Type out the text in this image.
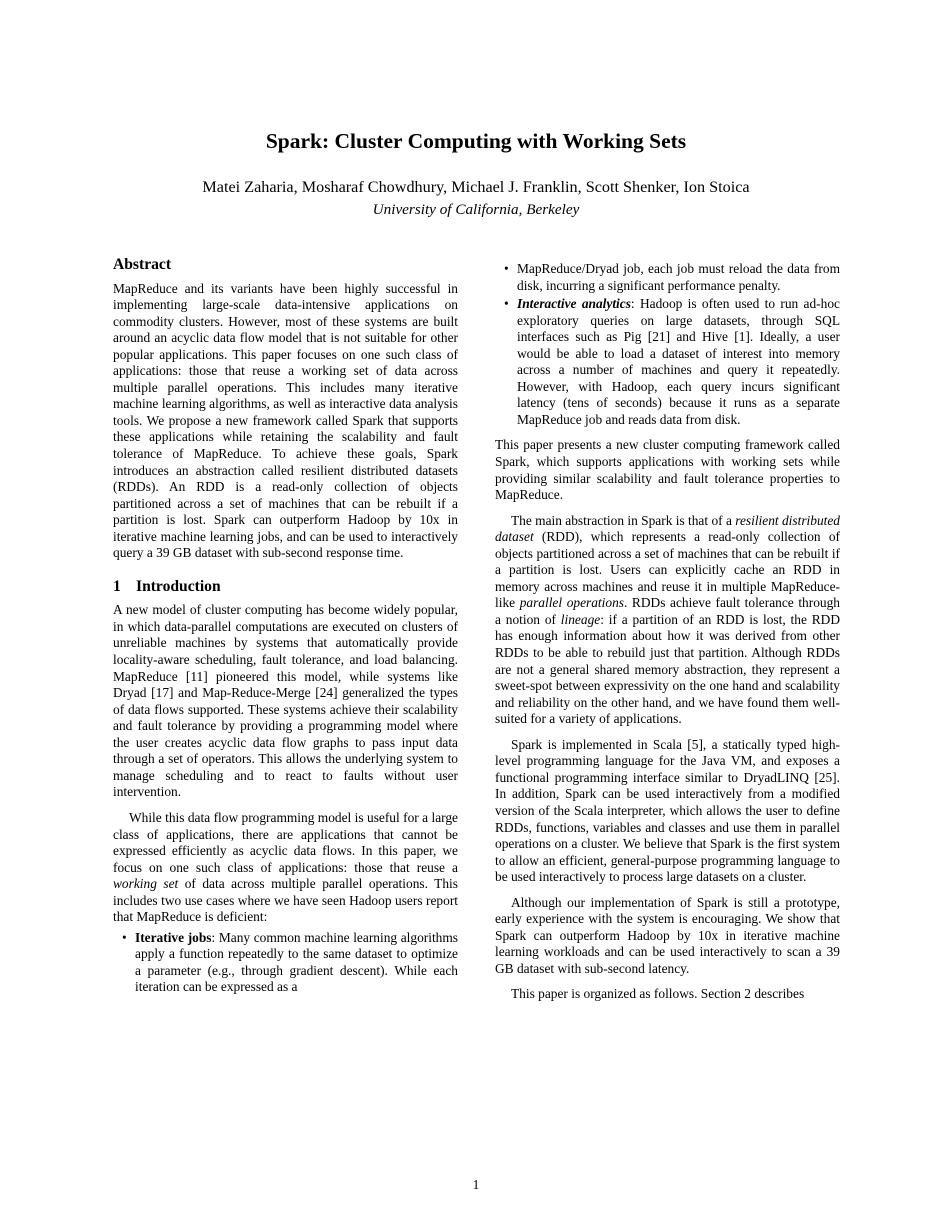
Spark: Cluster Computing with Working Sets
Matei Zaharia, Mosharaf Chowdhury, Michael J. Franklin, Scott Shenker, Ion Stoica
University of California, Berkeley
Abstract

MapReduce and its variants have been highly successful in implementing large-scale data-intensive applications on commodity clusters. However, most of these systems are built around an acyclic data flow model that is not suitable for other popular applications. This paper focuses on one such class of applications: those that reuse a working set of data across multiple parallel operations. This includes many iterative machine learning algorithms, as well as interactive data analysis tools. We propose a new framework called Spark that supports these applications while retaining the scalability and fault tolerance of MapReduce. To achieve these goals, Spark introduces an abstraction called resilient distributed datasets (RDDs). An RDD is a read-only collection of objects partitioned across a set of machines that can be rebuilt if a partition is lost. Spark can outperform Hadoop by 10x in iterative machine learning jobs, and can be used to interactively query a 39 GB dataset with sub-second response time.

1 Introduction

A new model of cluster computing has become widely popular, in which data-parallel computations are executed on clusters of unreliable machines by systems that automatically provide locality-aware scheduling, fault tolerance, and load balancing. MapReduce [11] pioneered this model, while systems like Dryad [17] and Map-Reduce-Merge [24] generalized the types of data flows supported. These systems achieve their scalability and fault tolerance by providing a programming model where the user creates acyclic data flow graphs to pass input data through a set of operators. This allows the underlying system to manage scheduling and to react to faults without user intervention.

While this data flow programming model is useful for a large class of applications, there are applications that cannot be expressed efficiently as acyclic data flows. In this paper, we focus on one such class of applications: those that reuse a working set of data across multiple parallel operations. This includes two use cases where we have seen Hadoop users report that MapReduce is deficient:

• Iterative jobs: Many common machine learning algorithms apply a function repeatedly to the same dataset to optimize a parameter (e.g., through gradient descent). While each iteration can be expressed as a
• MapReduce/Dryad job, each job must reload the data from disk, incurring a significant performance penalty.
• Interactive analytics: Hadoop is often used to run ad-hoc exploratory queries on large datasets, through SQL interfaces such as Pig [21] and Hive [1]. Ideally, a user would be able to load a dataset of interest into memory across a number of machines and query it repeatedly. However, with Hadoop, each query incurs significant latency (tens of seconds) because it runs as a separate MapReduce job and reads data from disk.

This paper presents a new cluster computing framework called Spark, which supports applications with working sets while providing similar scalability and fault tolerance properties to MapReduce.

The main abstraction in Spark is that of a resilient distributed dataset (RDD), which represents a read-only collection of objects partitioned across a set of machines that can be rebuilt if a partition is lost. Users can explicitly cache an RDD in memory across machines and reuse it in multiple MapReduce-like parallel operations. RDDs achieve fault tolerance through a notion of lineage: if a partition of an RDD is lost, the RDD has enough information about how it was derived from other RDDs to be able to rebuild just that partition. Although RDDs are not a general shared memory abstraction, they represent a sweet-spot between expressivity on the one hand and scalability and reliability on the other hand, and we have found them well-suited for a variety of applications.

Spark is implemented in Scala [5], a statically typed high-level programming language for the Java VM, and exposes a functional programming interface similar to DryadLINQ [25]. In addition, Spark can be used interactively from a modified version of the Scala interpreter, which allows the user to define RDDs, functions, variables and classes and use them in parallel operations on a cluster. We believe that Spark is the first system to allow an efficient, general-purpose programming language to be used interactively to process large datasets on a cluster.

Although our implementation of Spark is still a prototype, early experience with the system is encouraging. We show that Spark can outperform Hadoop by 10x in iterative machine learning workloads and can be used interactively to scan a 39 GB dataset with sub-second latency.

This paper is organized as follows. Section 2 describes

1
